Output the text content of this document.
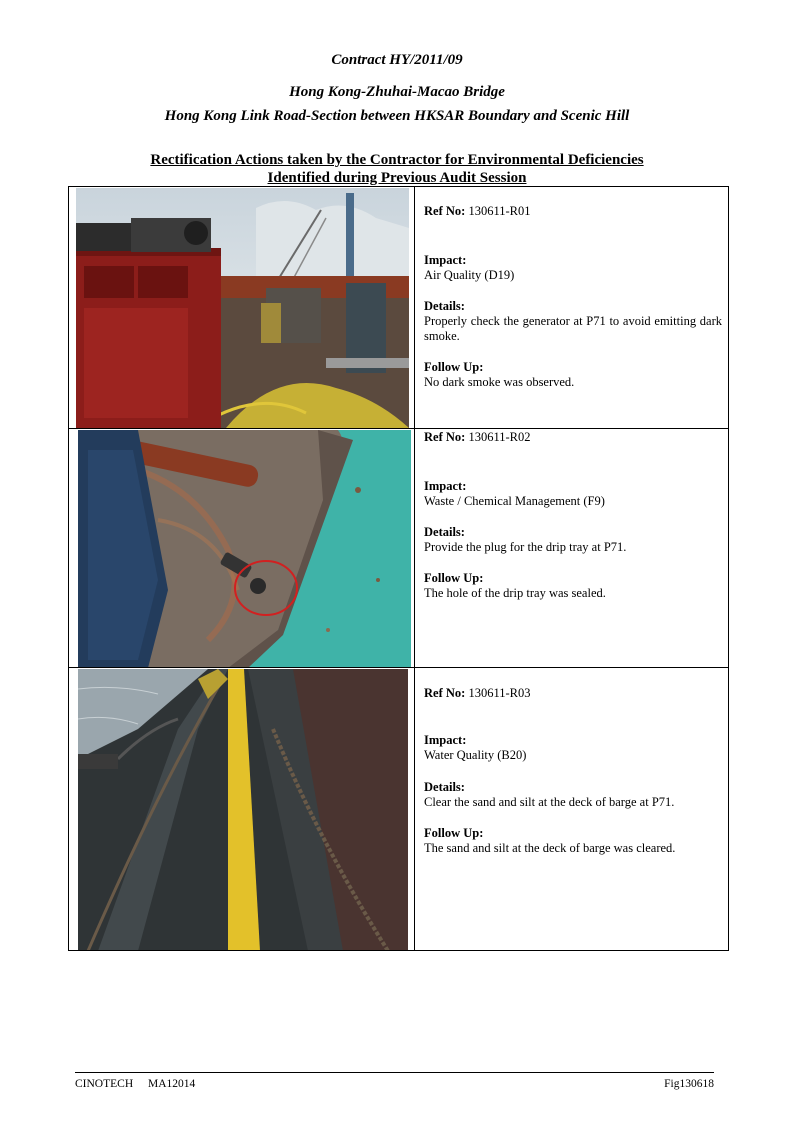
Contract HY/2011/09
Hong Kong-Zhuhai-Macao Bridge
Hong Kong Link Road-Section between HKSAR Boundary and Scenic Hill
Rectification Actions taken by the Contractor for Environmental Deficiencies
Identified during Previous Audit Session
Ref No: 130611-R01
Impact:
Air Quality (D19)
Details:
Properly check the generator at P71 to avoid emitting dark smoke.
Follow Up:
No dark smoke was observed.
Ref No: 130611-R02
Impact:
Waste / Chemical Management (F9)
Details:
Provide the plug for the drip tray at P71.
Follow Up:
The hole of the drip tray was sealed.
Ref No: 130611-R03
Impact:
Water Quality (B20)
Details:
Clear the sand and silt at the deck of barge at P71.
Follow Up:
The sand and silt at the deck of barge was cleared.
CINOTECH MA12014	Fig130618
